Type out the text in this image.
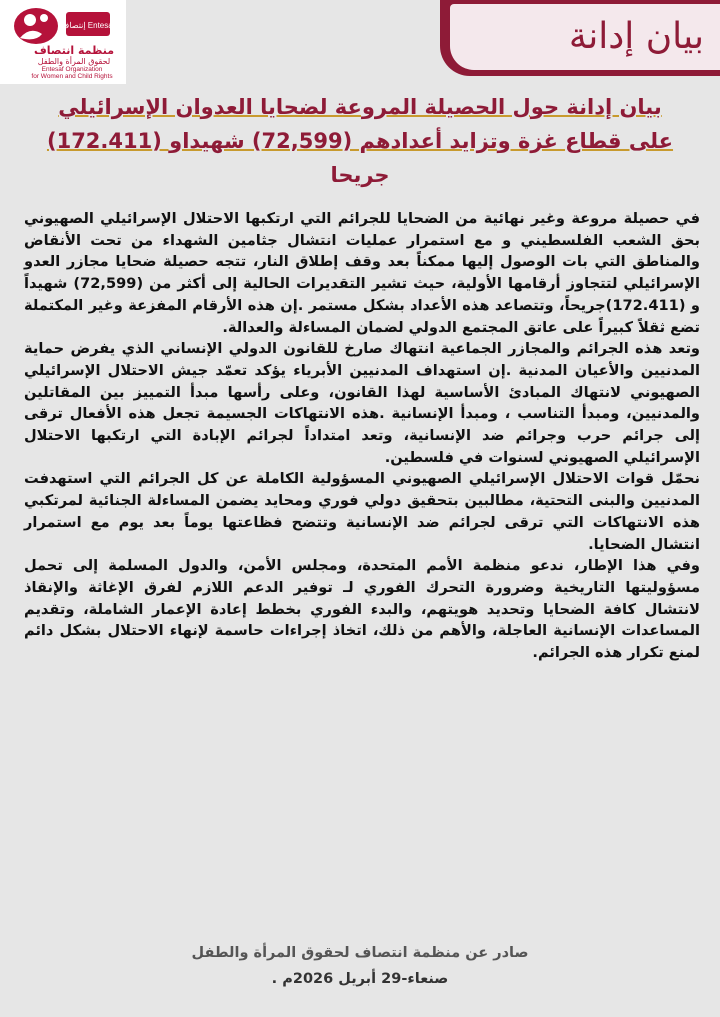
إنتصاف Entesaf
منظمة انتصاف
لحقوق المرأة والطفل
Entesaf Organization
for Women and Child Rights
بيان إدانة
بيان إدانة حول الحصيلة المروعة لضحايا العدوان الإسرائيلي
على قطاع غزة وتزايد أعدادهم (72,599) شهيداو (172.411)
جريحا

في حصيلة مروعة وغير نهائية من الضحايا للجرائم التي ارتكبها الاحتلال الإسرائيلي الصهيوني بحق الشعب الفلسطيني و مع استمرار عمليات انتشال جثامين الشهداء من تحت الأنقاض والمناطق التي بات الوصول إليها ممكناً بعد وقف إطلاق النار، تتجه حصيلة ضحايا مجازر العدو الإسرائيلي لتتجاوز أرقامها الأولية، حيث تشير التقديرات الحالية إلى أكثر من (72,599) شهيداً و (172.411)جريحاً، وتتصاعد هذه الأعداد بشكل مستمر .إن هذه الأرقام المفزعة وغير المكتملة تضع ثقلاً كبيراً على عاتق المجتمع الدولي لضمان المساءلة والعدالة.

وتعد هذه الجرائم والمجازر الجماعية انتهاك صارخ للقانون الدولي الإنساني الذي يفرض حماية المدنيين والأعيان المدنية .إن استهداف المدنيين الأبرياء يؤكد تعمّد جيش الاحتلال الإسرائيلي الصهيوني لانتهاك المبادئ الأساسية لهذا القانون، وعلى رأسها مبدأ التمييز بين المقاتلين والمدنيين، ومبدأ التناسب ، ومبدأ الإنسانية .هذه الانتهاكات الجسيمة تجعل هذه الأفعال ترقى إلى جرائم حرب وجرائم ضد الإنسانية، وتعد امتداداً لجرائم الإبادة التي ارتكبها الاحتلال الإسرائيلي الصهيوني لسنوات في فلسطين.

نحمّل قوات الاحتلال الإسرائيلي الصهيوني المسؤولية الكاملة عن كل الجرائم التي استهدفت المدنيين والبنى التحتية، مطالبين بتحقيق دولي فوري ومحايد يضمن المساءلة الجنائية لمرتكبي هذه الانتهاكات التي ترقى لجرائم ضد الإنسانية وتتضح فظاعتها يوماً بعد يوم مع استمرار انتشال الضحايا.

وفي هذا الإطار، ندعو منظمة الأمم المتحدة، ومجلس الأمن، والدول المسلمة إلى تحمل مسؤوليتها التاريخية وضرورة التحرك الفوري لـ توفير الدعم اللازم لفرق الإغاثة والإنقاذ لانتشال كافة الضحايا وتحديد هويتهم، والبدء الفوري بخطط إعادة الإعمار الشاملة، وتقديم المساعدات الإنسانية العاجلة، والأهم من ذلك، اتخاذ إجراءات حاسمة لإنهاء الاحتلال بشكل دائم لمنع تكرار هذه الجرائم.

صادر عن منظمة انتصاف لحقوق المرأة والطفل
صنعاء-29 أبريل 2026م .
